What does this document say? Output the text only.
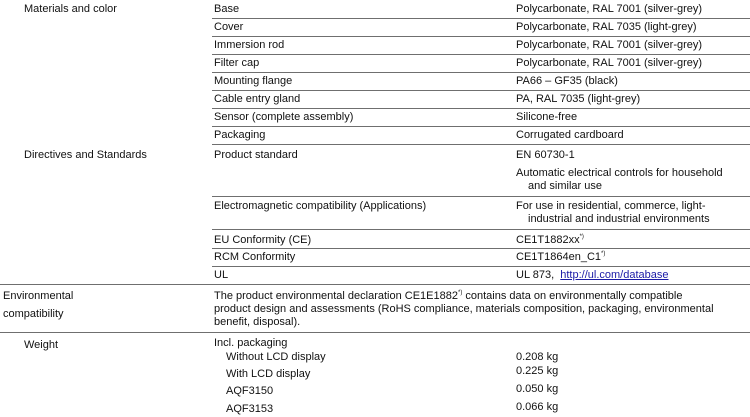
Materials and color	Base	Polycarbonate, RAL 7001 (silver-grey)
Cover	Polycarbonate, RAL 7035 (light-grey)
Immersion rod	Polycarbonate, RAL 7001 (silver-grey)
Filter cap	Polycarbonate, RAL 7001 (silver-grey)
Mounting flange	PA66 – GF35 (black)
Cable entry gland	PA, RAL 7035 (light-grey)
Sensor (complete assembly)	Silicone-free
Packaging	Corrugated cardboard
Directives and Standards	Product standard	EN 60730-1
Automatic electrical controls for household
and similar use
Electromagnetic compatibility (Applications)	For use in residential, commerce, light-
industrial and industrial environments
EU Conformity (CE)	CE1T1882xx*)
RCM Conformity	CE1T1864en_C1*)
UL	UL 873, http://ul.com/database
Environmental
compatibility
The product environmental declaration CE1E1882*) contains data on environmentally compatible
product design and assessments (RoHS compliance, materials composition, packaging, environmental
benefit, disposal).
Weight	Incl. packaging
Without LCD display	0.208 kg
With LCD display	0.225 kg
AQF3150	0.050 kg
AQF3153	0.066 kg
